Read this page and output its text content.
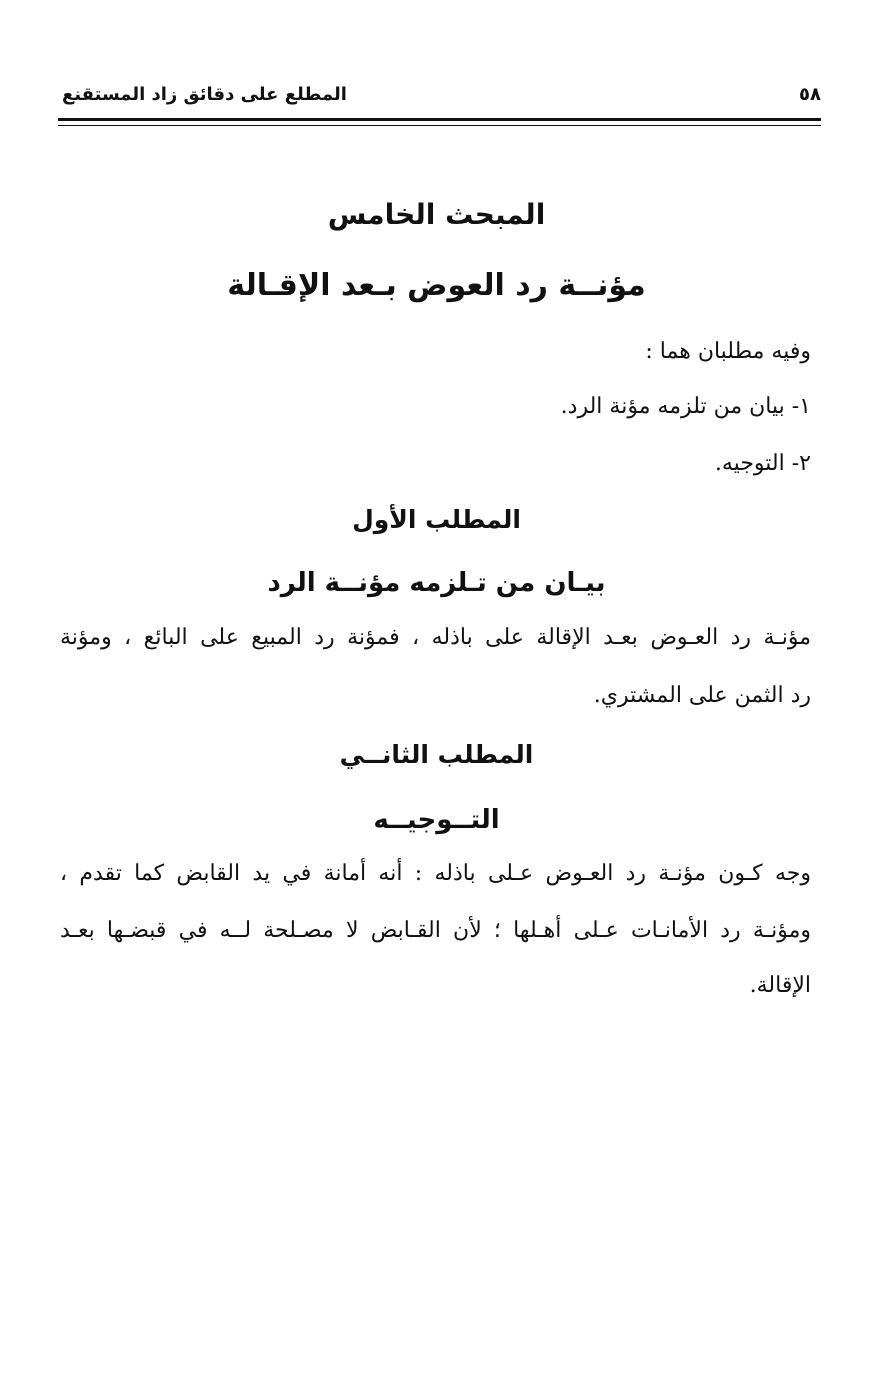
٥٨
المطلع على دقائق زاد المستقنع
المبحث الخامس
مؤنــة رد العوض بـعد الإقـالة
وفيه مطلبان هما :
١- بيان من تلزمه مؤنة الرد.
٢- التوجيه.
المطلب الأول
بيـان من تـلزمه مؤنــة الرد
مؤنـة رد العـوض بعـد الإقالة على باذله ، فمؤنة رد المبيع على البائع ، ومؤنة
رد الثمن على المشتري.
المطلب الثانــي
التــوجيــه
وجه كـون مؤنـة رد العـوض عـلى باذله : أنه أمانة في يد القابض كما تقدم ،
ومؤنـة رد الأمانـات عـلى أهـلها ؛ لأن القـابض لا مصـلحة لــه في قبضـها بعـد
الإقالة.
